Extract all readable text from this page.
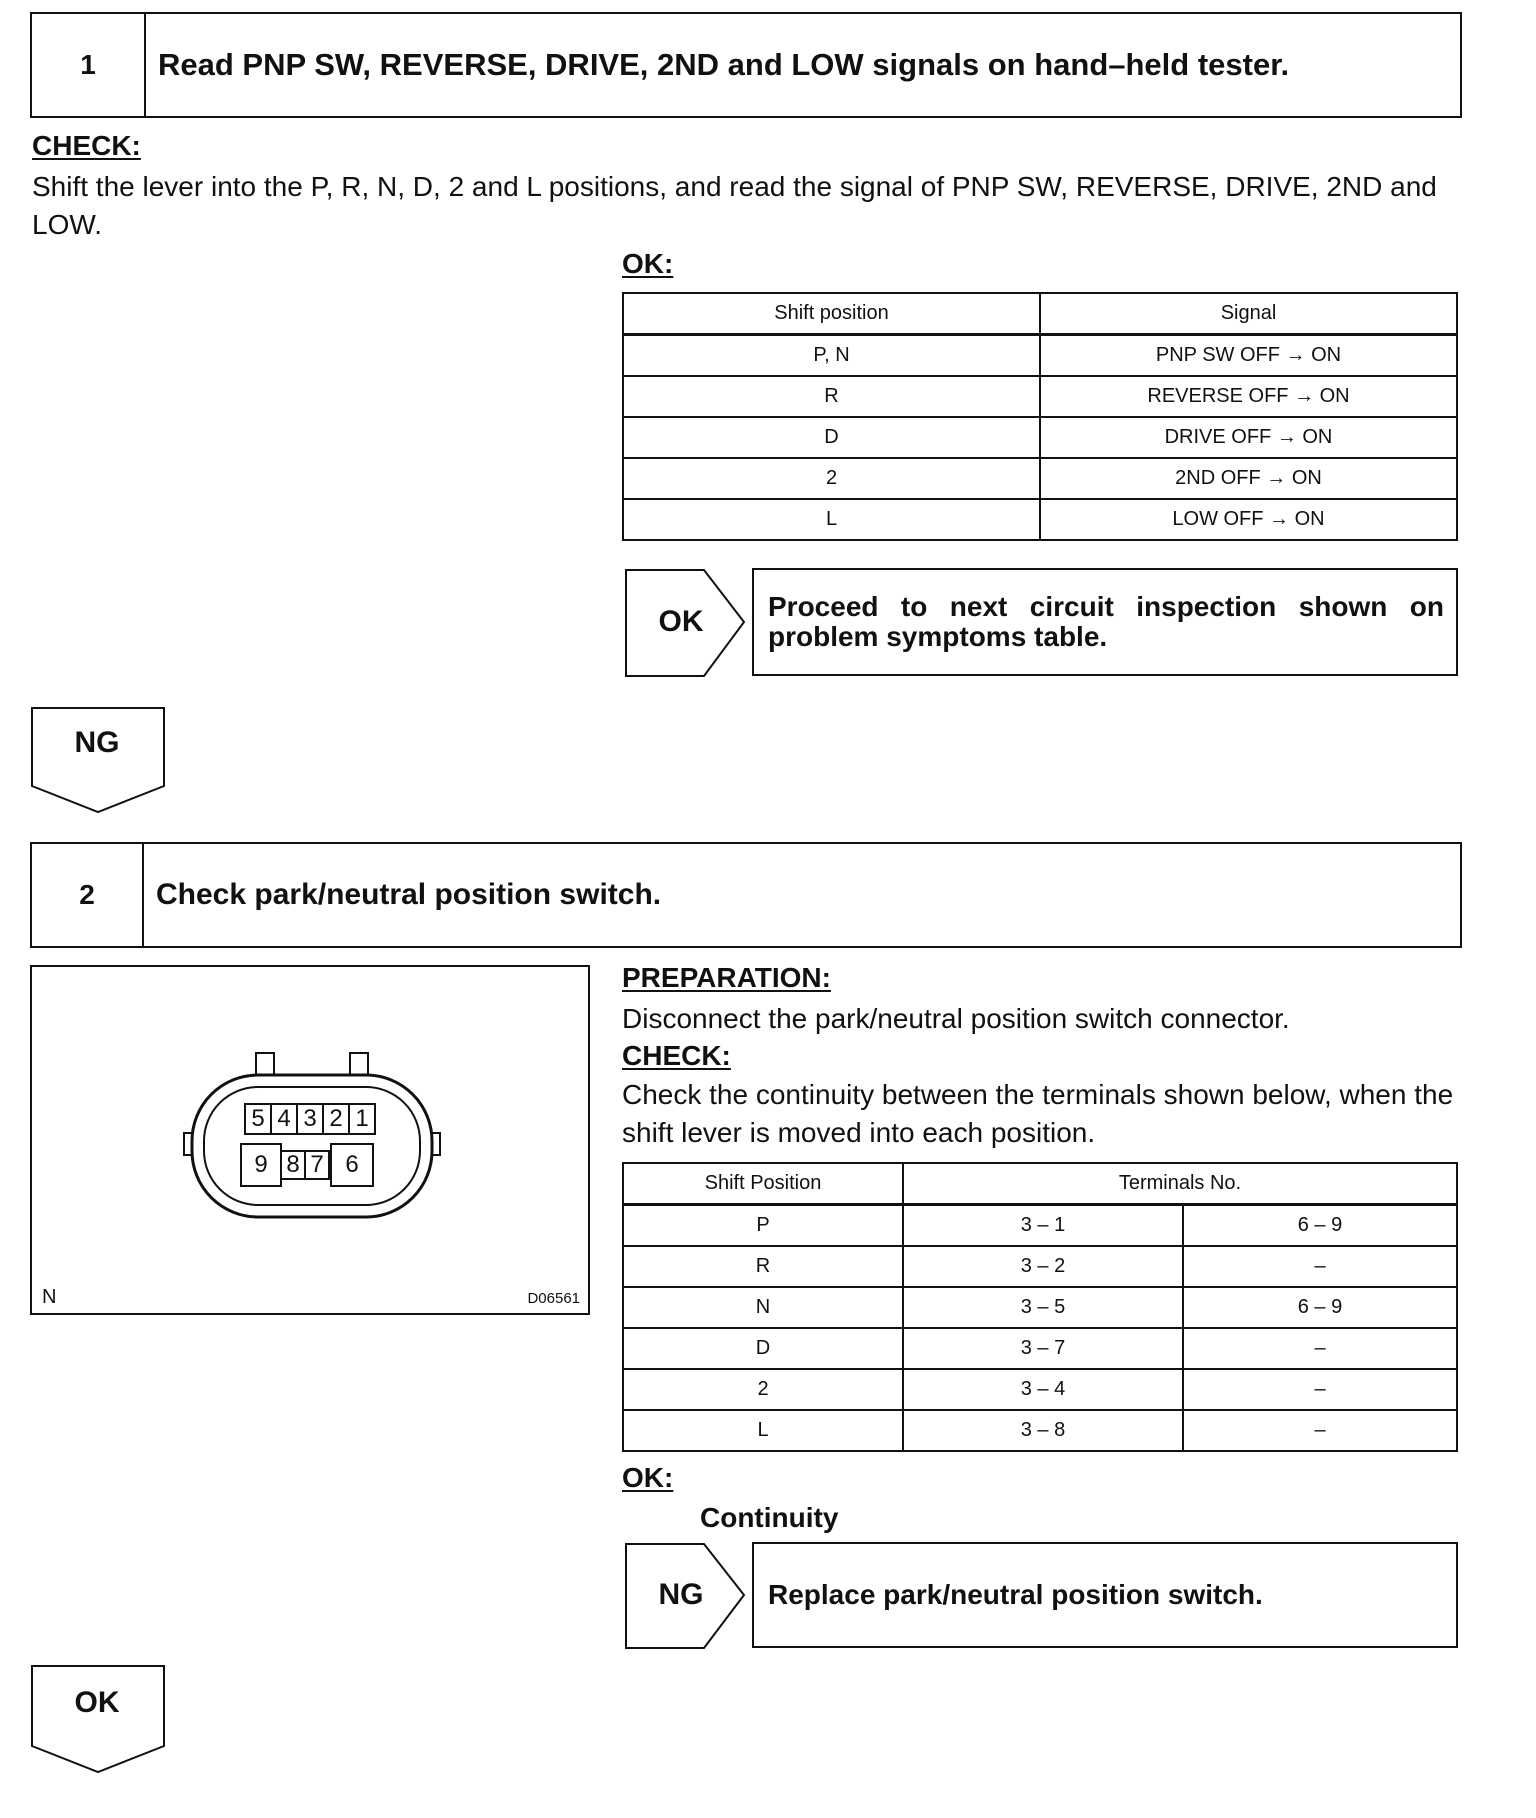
1	Read PNP SW, REVERSE, DRIVE, 2ND and LOW signals on hand–held tester.
CHECK:
Shift the lever into the P, R, N, D, 2 and L positions, and read the signal of PNP SW, REVERSE, DRIVE, 2ND and LOW.
OK:
Shift position	Signal
P, N	PNP SW OFF → ON
R	REVERSE OFF → ON
D	DRIVE OFF → ON
2	2ND OFF → ON
L	LOW OFF → ON
OK	Proceed to next circuit inspection shown on problem symptoms table.
NG
2	Check park/neutral position switch.
5 4 3 2 1
9 8 7 6
N	D06561
PREPARATION:
Disconnect the park/neutral position switch connector.
CHECK:
Check the continuity between the terminals shown below, when the shift lever is moved into each position.
Shift Position	Terminals No.	
P	3 – 1	6 – 9
R	3 – 2	–
N	3 – 5	6 – 9
D	3 – 7	–
2	3 – 4	–
L	3 – 8	–
OK:
Continuity
NG	Replace park/neutral position switch.
OK
